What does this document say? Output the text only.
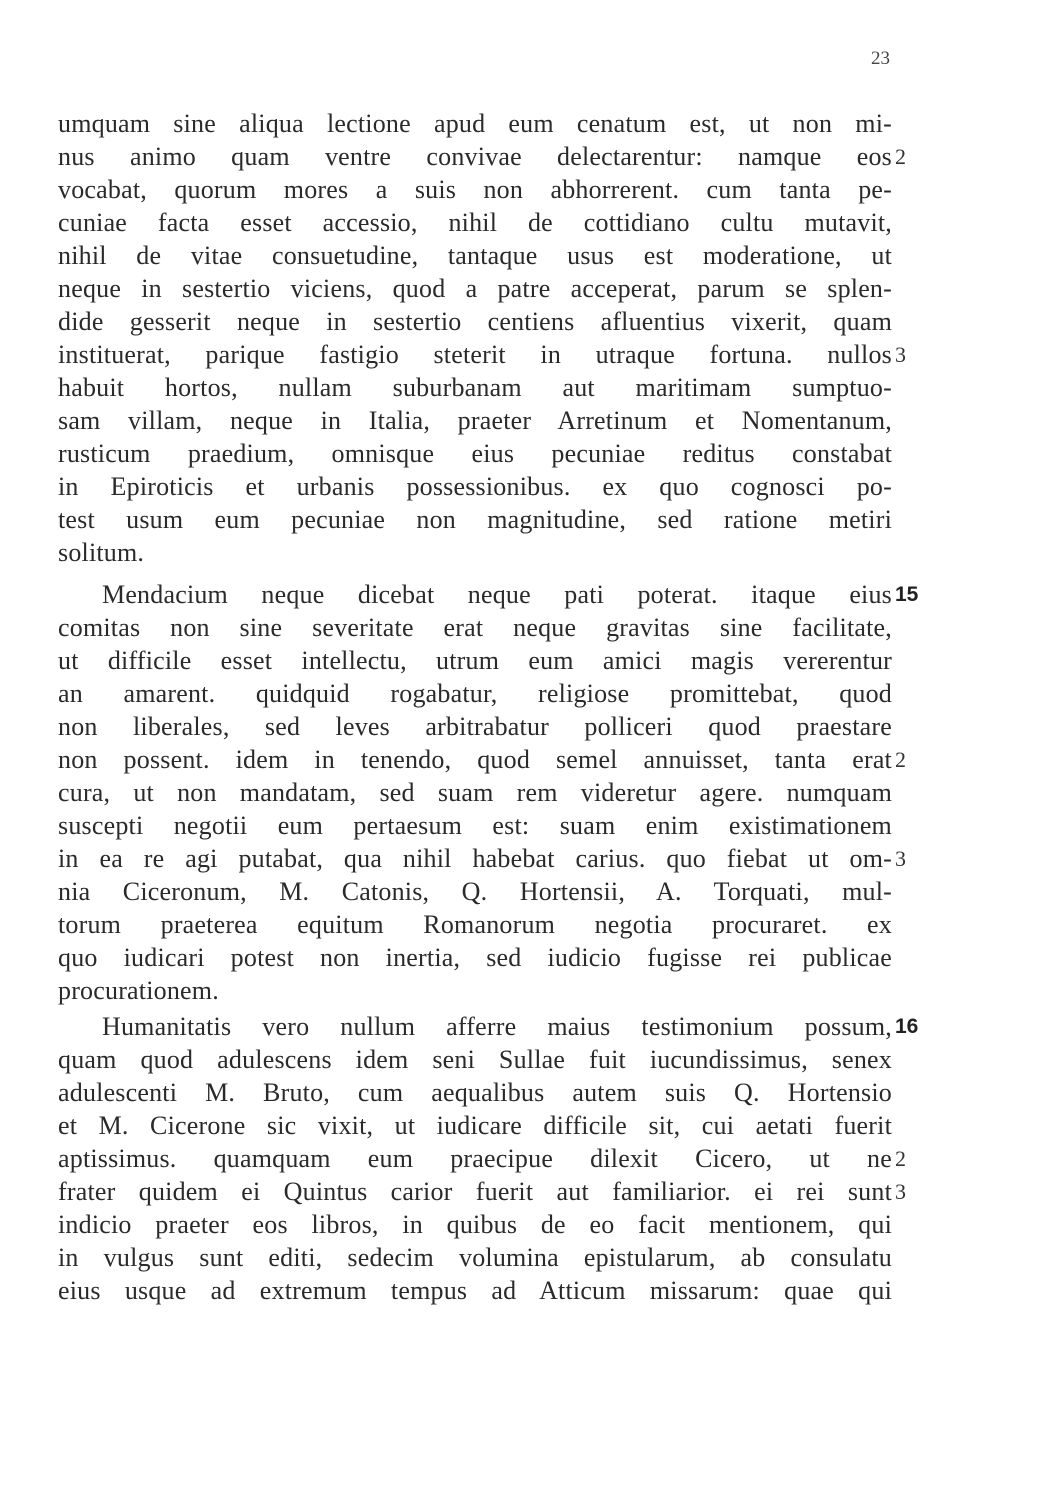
23
umquam sine aliqua lectione apud eum cenatum est, ut non mi-
nus animo quam ventre convivae delectarentur: namque eos
vocabat, quorum mores a suis non abhorrerent. cum tanta pe-
cuniae facta esset accessio, nihil de cottidiano cultu mutavit,
nihil de vitae consuetudine, tantaque usus est moderatione, ut
neque in sestertio viciens, quod a patre acceperat, parum se splen-
dide gesserit neque in sestertio centiens afluentius vixerit, quam
instituerat, parique fastigio steterit in utraque fortuna. nullos
habuit hortos, nullam suburbanam aut maritimam sumptuo-
sam villam, neque in Italia, praeter Arretinum et Nomentanum,
rusticum praedium, omnisque eius pecuniae reditus constabat
in Epiroticis et urbanis possessionibus. ex quo cognosci po-
test usum eum pecuniae non magnitudine, sed ratione metiri
solitum.
Mendacium neque dicebat neque pati poterat. itaque eius
comitas non sine severitate erat neque gravitas sine facilitate,
ut difficile esset intellectu, utrum eum amici magis vererentur
an amarent. quidquid rogabatur, religiose promittebat, quod
non liberales, sed leves arbitrabatur polliceri quod praestare
non possent. idem in tenendo, quod semel annuisset, tanta erat
cura, ut non mandatam, sed suam rem videretur agere. numquam
suscepti negotii eum pertaesum est: suam enim existimationem
in ea re agi putabat, qua nihil habebat carius. quo fiebat ut om-
nia Ciceronum, M. Catonis, Q. Hortensii, A. Torquati, mul-
torum praeterea equitum Romanorum negotia procuraret. ex
quo iudicari potest non inertia, sed iudicio fugisse rei publicae
procurationem.
Humanitatis vero nullum afferre maius testimonium possum,
quam quod adulescens idem seni Sullae fuit iucundissimus, senex
adulescenti M. Bruto, cum aequalibus autem suis Q. Hortensio
et M. Cicerone sic vixit, ut iudicare difficile sit, cui aetati fuerit
aptissimus. quamquam eum praecipue dilexit Cicero, ut ne
frater quidem ei Quintus carior fuerit aut familiarior. ei rei sunt
indicio praeter eos libros, in quibus de eo facit mentionem, qui
in vulgus sunt editi, sedecim volumina epistularum, ab consulatu
eius usque ad extremum tempus ad Atticum missarum: quae qui
2
3
15
2
3
16
2
3
